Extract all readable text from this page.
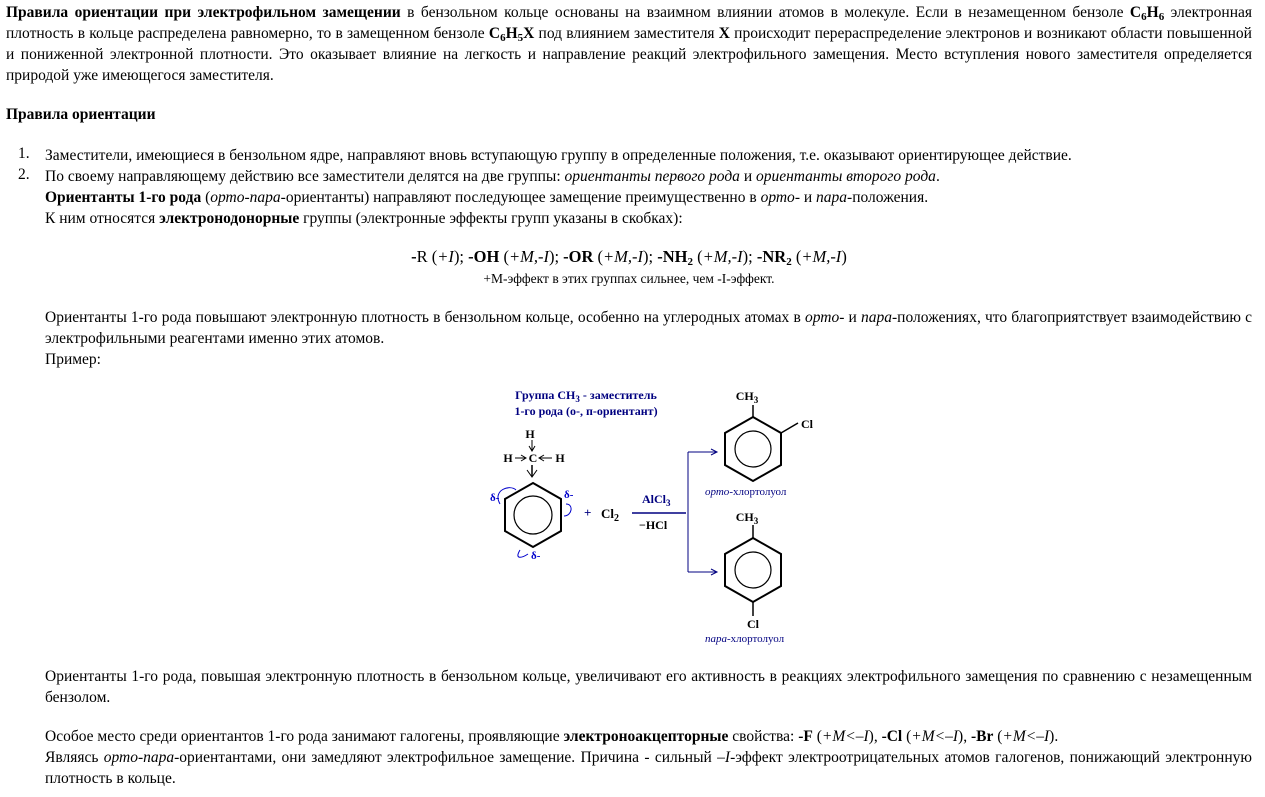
Правила ориентации при электрофильном замещении в бензольном кольце основаны на взаимном влиянии атомов в молекуле. Если в незамещенном бензоле $C_6H_6$ электронная плотность в кольце распределена равномерно, то в замещенном бензоле $C_6H_5X$ под влиянием заместителя X происходит перераспределение электронов и возникают области повышенной и пониженной электронной плотности. Это оказывает влияние на легкость и направление реакций электрофильного замещения. Место вступления нового заместителя определяется природой уже имеющегося заместителя.

Правила ориентации
1. Заместители, имеющиеся в бензольном ядре, направляют вновь вступающую группу в определенные положения, т.е. оказывают ориентирующее действие.

2. По своему направляющему действию все заместители делятся на две группы: ориентанты первого рода и ориентанты второго рода.

Ориентанты 1-го рода (орто-пара-ориентанты) направляют последующее замещение преимущественно в орто- и пара-положения.

К ним относятся электронодонорные группы (электронные эффекты групп указаны в скобках):

-R (+I); -OH (+M,-I); -OR (+M,-I); $-NH_2$ (+M,-I); $-NR_2$ (+M,-I)

+M-эффект в этих группах сильнее, чем -I-эффект.

Ориентанты 1-го рода повышают электронную плотность в бензольном кольце, особенно на углеродных атомах в орто- и пара-положениях, что благоприятствует взаимодействию с электрофильными реагентами именно этих атомов.

Пример:

Группа $CH_3$ - заместитель
1-го рода (о-, п-ориентант)
H
H C H
δ-	δ-
δ-
+ $Cl_2$
AlCl$_3$
−HCl
$CH_3$
Cl
орто-хлортолуол
$CH_3$
Cl
пара-хлортолуол

Ориентанты 1-го рода, повышая электронную плотность в бензольном кольце, увеличивают его активность в реакциях электрофильного замещения по сравнению с незамещенным бензолом.

Особое место среди ориентантов 1-го рода занимают галогены, проявляющие электроноакцепторные свойства: -F (+M<–I), -Cl (+M<–I), -Br (+M<–I).

Являясь орто-пара-ориентантами, они замедляют электрофильное замещение. Причина - сильный –I-эффект электроотрицательных атомов галогенов, понижающий электронную плотность в кольце.
